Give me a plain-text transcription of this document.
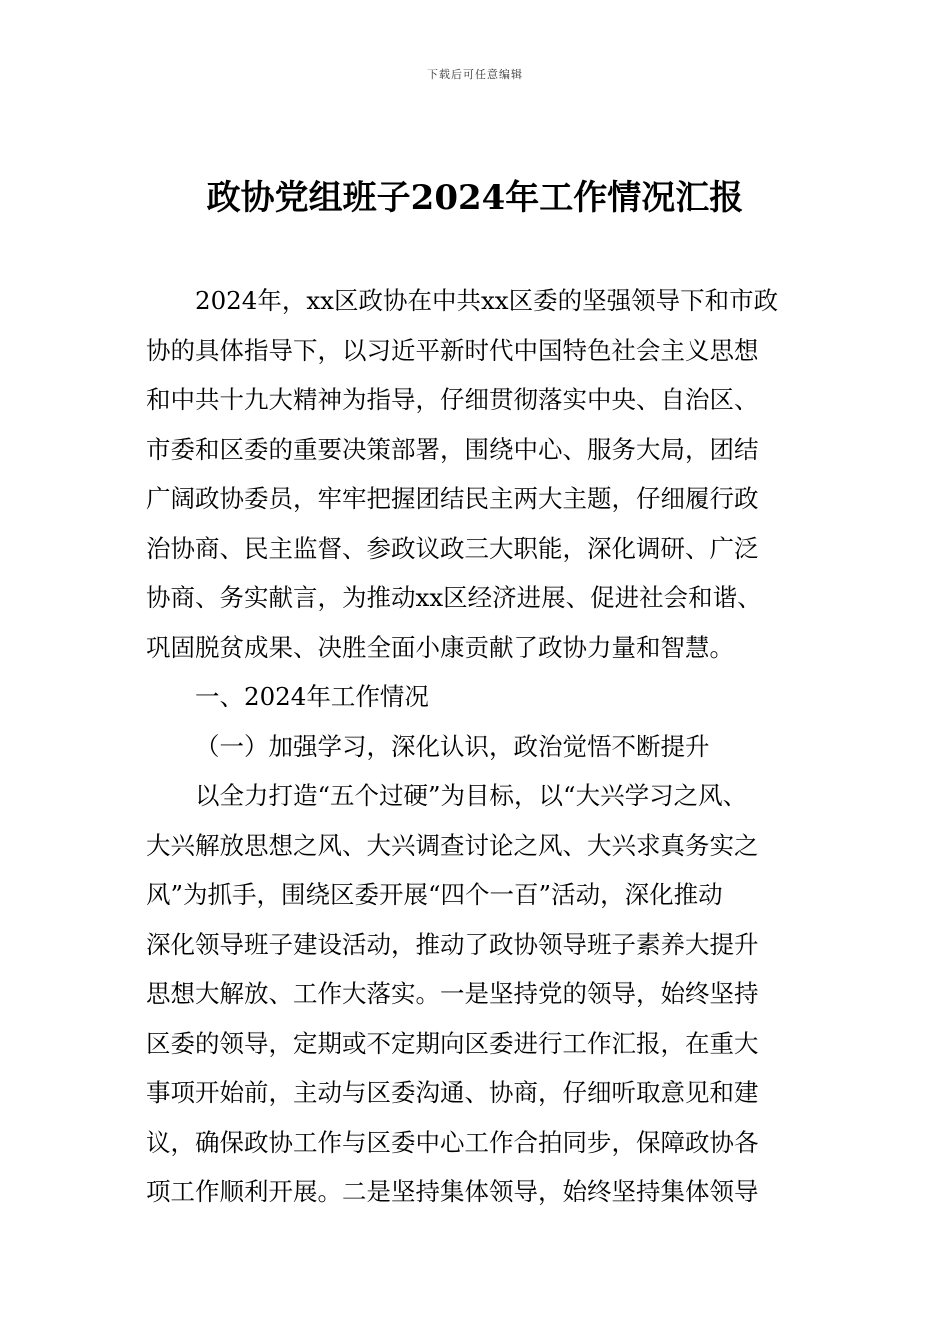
下载后可任意编辑
政协党组班子2024年工作情况汇报
2024年，xx区政协在中共xx区委的坚强领导下和市政
协的具体指导下，以习近平新时代中国特色社会主义思想
和中共十九大精神为指导，仔细贯彻落实中央、自治区、
市委和区委的重要决策部署，围绕中心、服务大局，团结
广阔政协委员，牢牢把握团结民主两大主题，仔细履行政
治协商、民主监督、参政议政三大职能，深化调研、广泛
协商、务实献言，为推动xx区经济进展、促进社会和谐、
巩固脱贫成果、决胜全面小康贡献了政协力量和智慧。
一、2024年工作情况
（一）加强学习，深化认识，政治觉悟不断提升
以全力打造“五个过硬”为目标，以“大兴学习之风、
大兴解放思想之风、大兴调查讨论之风、大兴求真务实之
风”为抓手，围绕区委开展“四个一百”活动，深化推动
深化领导班子建设活动，推动了政协领导班子素养大提升
思想大解放、工作大落实。一是坚持党的领导，始终坚持
区委的领导，定期或不定期向区委进行工作汇报，在重大
事项开始前，主动与区委沟通、协商，仔细听取意见和建
议，确保政协工作与区委中心工作合拍同步，保障政协各
项工作顺利开展。二是坚持集体领导，始终坚持集体领导
